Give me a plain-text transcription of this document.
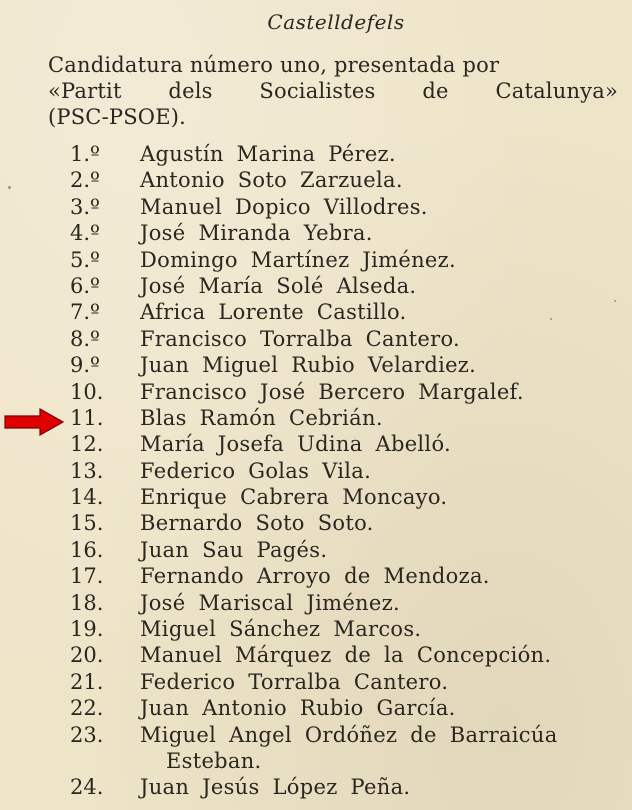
Castelldefels
Candidatura número uno, presentada por
«Partit dels Socialistes de Catalunya»
(PSC-PSOE).
1.º	Agustín Marina Pérez.
2.º	Antonio Soto Zarzuela.
3.º	Manuel Dopico Villodres.
4.º	José Miranda Yebra.
5.º	Domingo Martínez Jiménez.
6.º	José María Solé Alseda.
7.º	Africa Lorente Castillo.
8.º	Francisco Torralba Cantero.
9.º	Juan Miguel Rubio Velardiez.
10.	Francisco José Bercero Margalef.
11.	Blas Ramón Cebrián.
12.	María Josefa Udina Abelló.
13.	Federico Golas Vila.
14.	Enrique Cabrera Moncayo.
15.	Bernardo Soto Soto.
16.	Juan Sau Pagés.
17.	Fernando Arroyo de Mendoza.
18.	José Mariscal Jiménez.
19.	Miguel Sánchez Marcos.
20.	Manuel Márquez de la Concepción.
21.	Federico Torralba Cantero.
22.	Juan Antonio Rubio García.
23.	Miguel Angel Ordóñez de Barraicúa
Esteban.
24.	Juan Jesús López Peña.
